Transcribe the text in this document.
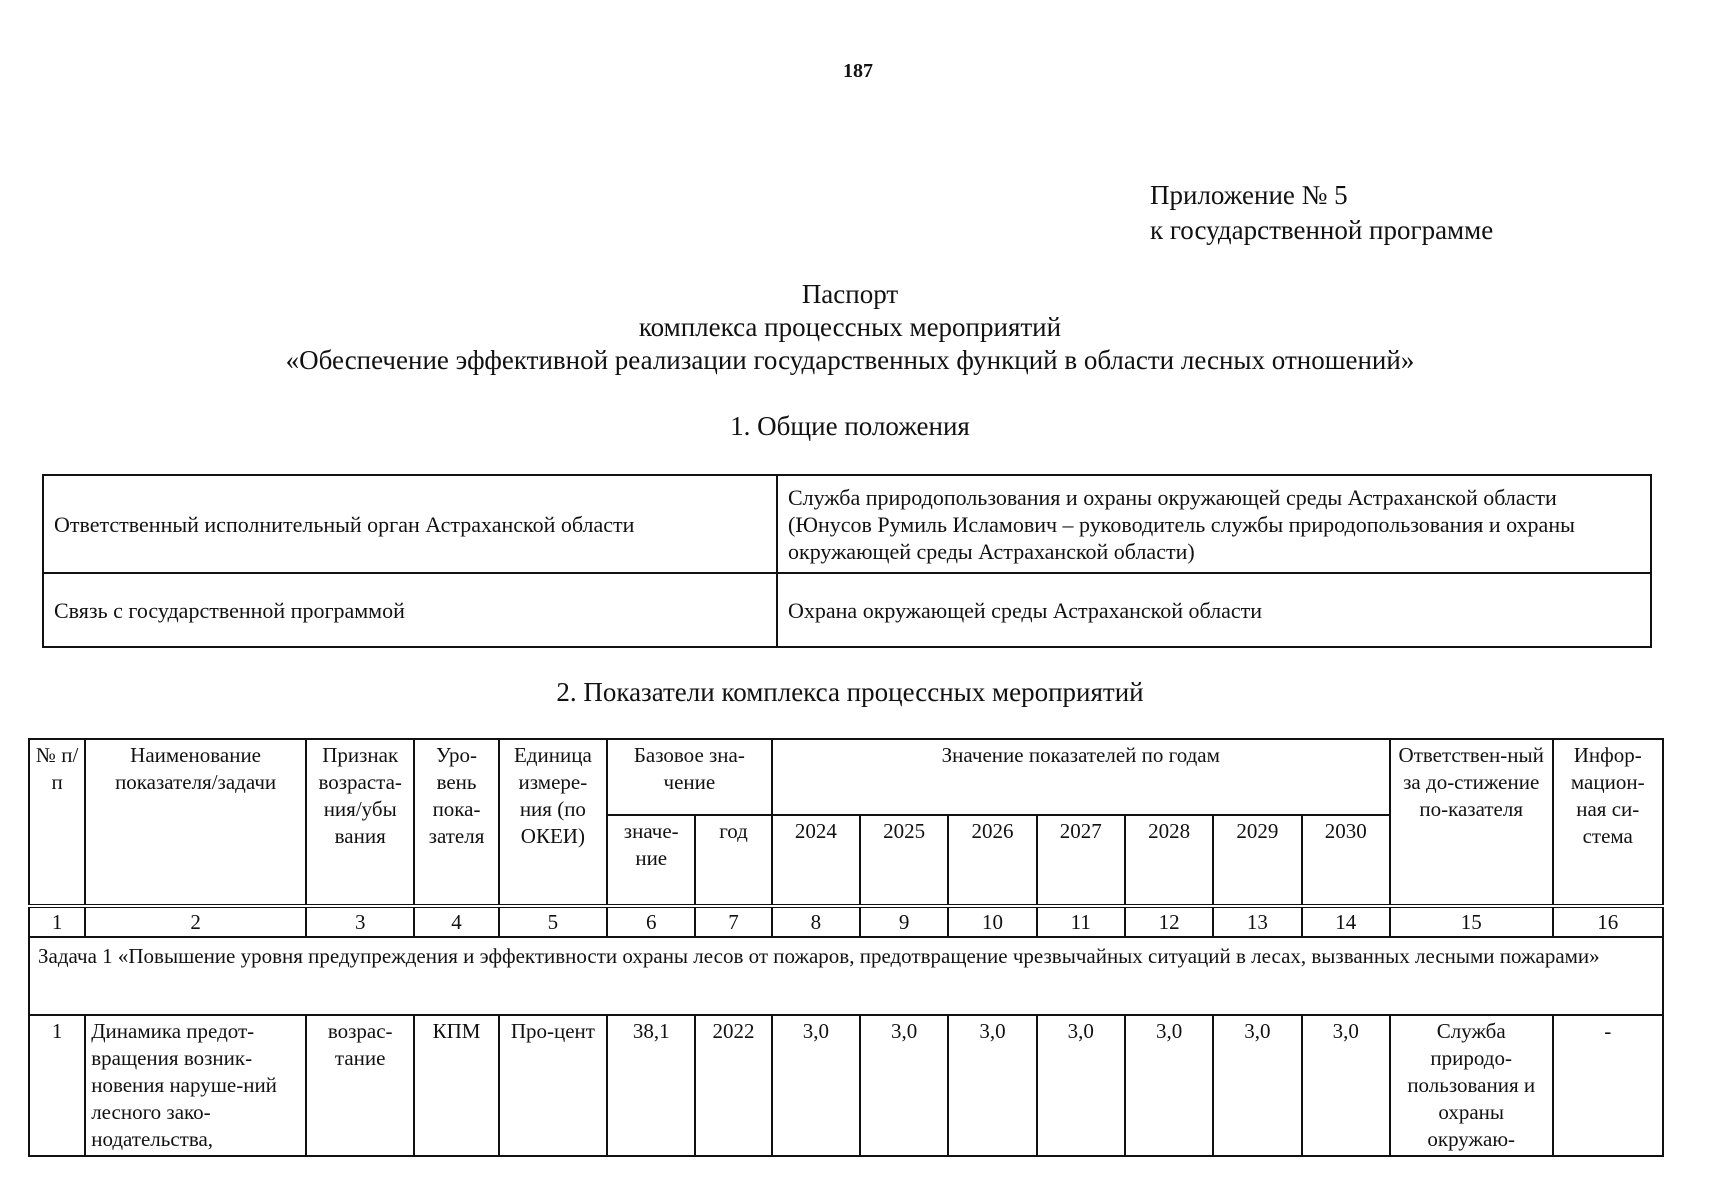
187
Приложение № 5
к государственной программе
Паспорт
комплекса процессных мероприятий
«Обеспечение эффективной реализации государственных функций в области лесных отношений»
1. Общие положения
Ответственный исполнительный орган Астраханской области	Служба природопользования и охраны окружающей среды Астраханской области (Юнусов Румиль Исламович – руководитель службы природопользования и охраны окружающей среды Астраханской области)
Связь с государственной программой	Охрана окружающей среды Астраханской области
2. Показатели комплекса процессных мероприятий
№ п/п	Наименование показателя/задачи	Признак возраста-ния/убы вания	Уро-вень пока-зателя	Единица измере-ния (по ОКЕИ)	Базовое зна-чение		Значение показателей по годам							Ответствен-ный за до-стижение по-казателя	Инфор-мацион-ная си-стема
					значе-ние	год	2024	2025	2026	2027	2028	2029	2030		
1	2	3	4	5	6	7	8	9	10	11	12	13	14	15	16
Задача 1 «Повышение уровня предупреждения и эффективности охраны лесов от пожаров, предотвращение чрезвычайных ситуаций в лесах, вызванных лесными пожарами»															
1	Динамика предот-вращения возник-новения наруше-ний лесного зако-нодательства,	возрас-тание	КПМ	Про-цент	38,1	2022	3,0	3,0	3,0	3,0	3,0	3,0	3,0	Служба природо-пользования и охраны окружаю-	-
